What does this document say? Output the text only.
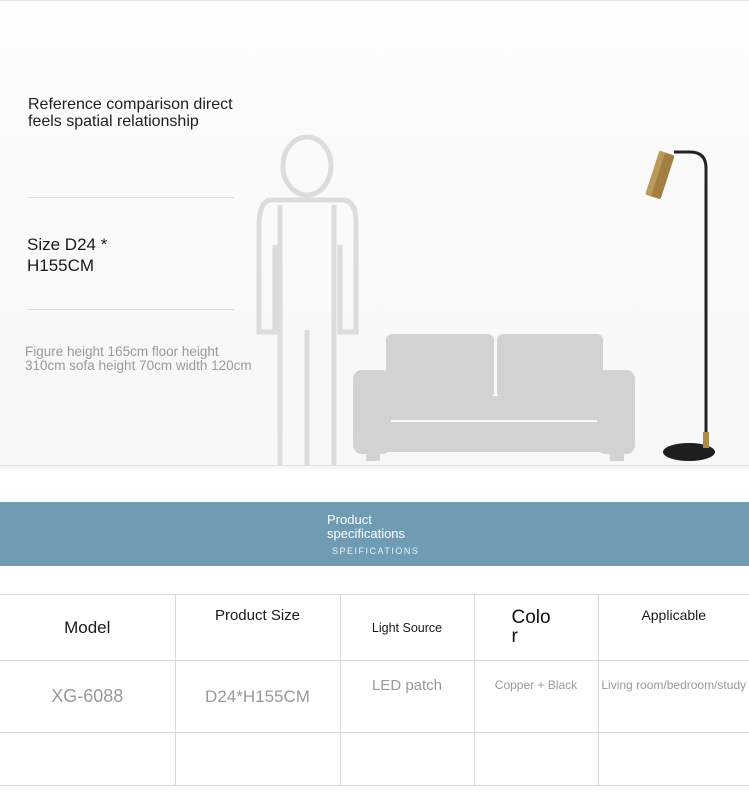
Reference comparison direct feels spatial relationship
Size D24 * H155CM
Figure height 165cm floor height 310cm sofa height 70cm width 120cm
Product specifications
SPEIFICATIONS
Model	Product Size	Light Source	Colo r	Applicable
XG-6088	D24*H155CM	LED patch	Copper + Black	Living room/bedroom/study
